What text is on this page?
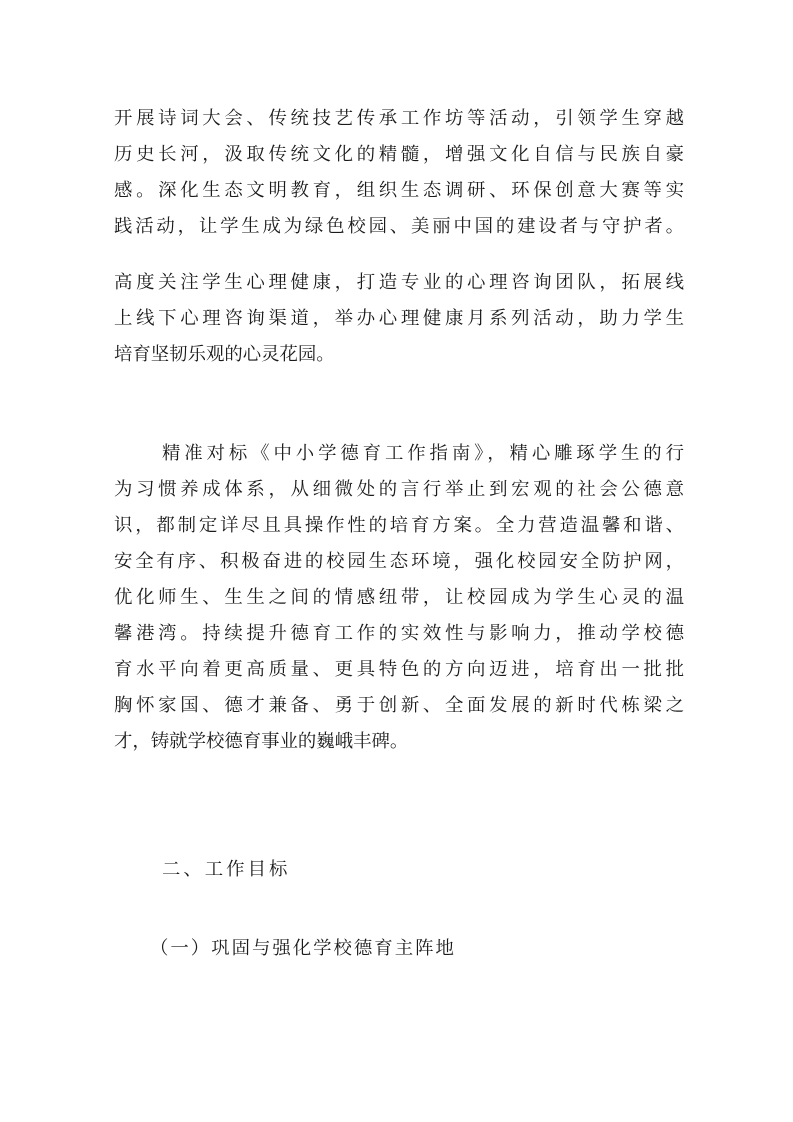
开展诗词大会、传统技艺传承工作坊等活动，引领学生穿越
历史长河，汲取传统文化的精髓，增强文化自信与民族自豪
感。深化生态文明教育，组织生态调研、环保创意大赛等实
践活动，让学生成为绿色校园、美丽中国的建设者与守护者。
高度关注学生心理健康，打造专业的心理咨询团队，拓展线
上线下心理咨询渠道，举办心理健康月系列活动，助力学生
培育坚韧乐观的心灵花园。
精准对标《中小学德育工作指南》，精心雕琢学生的行
为习惯养成体系，从细微处的言行举止到宏观的社会公德意
识，都制定详尽且具操作性的培育方案。全力营造温馨和谐、
安全有序、积极奋进的校园生态环境，强化校园安全防护网，
优化师生、生生之间的情感纽带，让校园成为学生心灵的温
馨港湾。持续提升德育工作的实效性与影响力，推动学校德
育水平向着更高质量、更具特色的方向迈进，培育出一批批
胸怀家国、德才兼备、勇于创新、全面发展的新时代栋梁之
才，铸就学校德育事业的巍峨丰碑。
二、工作目标
（一）巩固与强化学校德育主阵地
